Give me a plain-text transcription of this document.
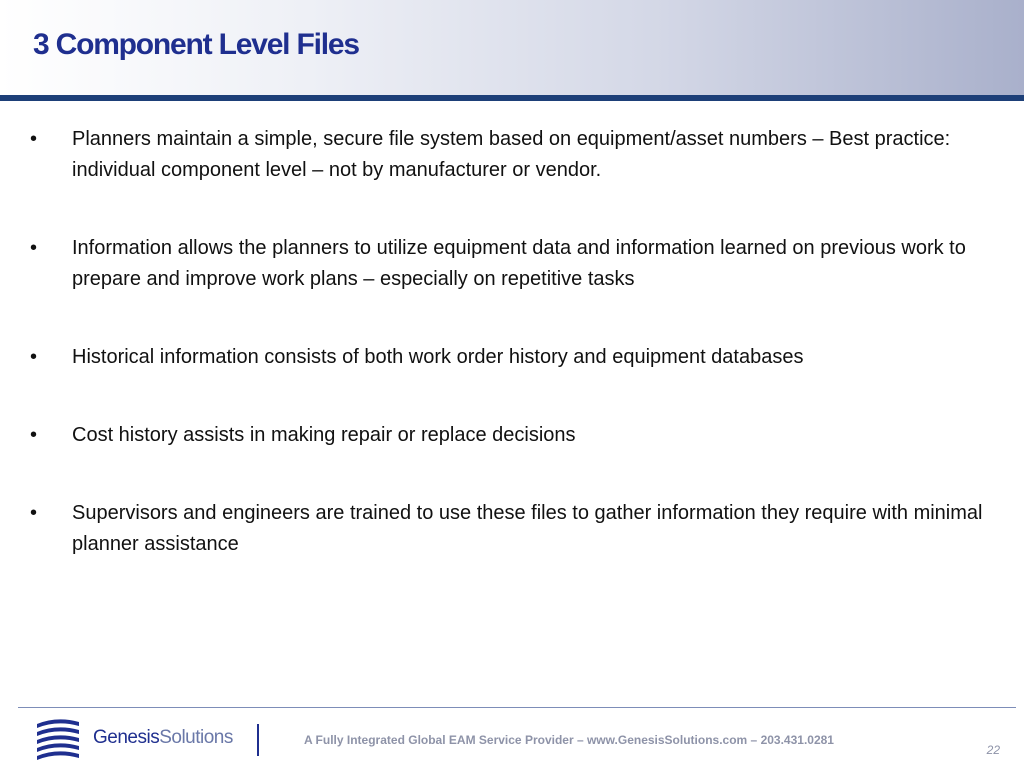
3 Component Level Files
•	Planners maintain a simple, secure file system based on equipment/asset numbers – Best practice: individual component level – not by manufacturer or vendor.
•	Information allows the planners to utilize equipment data and information learned on previous work to prepare and improve work plans – especially on repetitive tasks
•	Historical information consists of both work order history and equipment databases
•	Cost history assists in making repair or replace decisions
•	Supervisors and engineers are trained to use these files to gather information they require with minimal planner assistance
GenesisSolutions	A Fully Integrated Global EAM Service Provider – www.GenesisSolutions.com – 203.431.0281
22
